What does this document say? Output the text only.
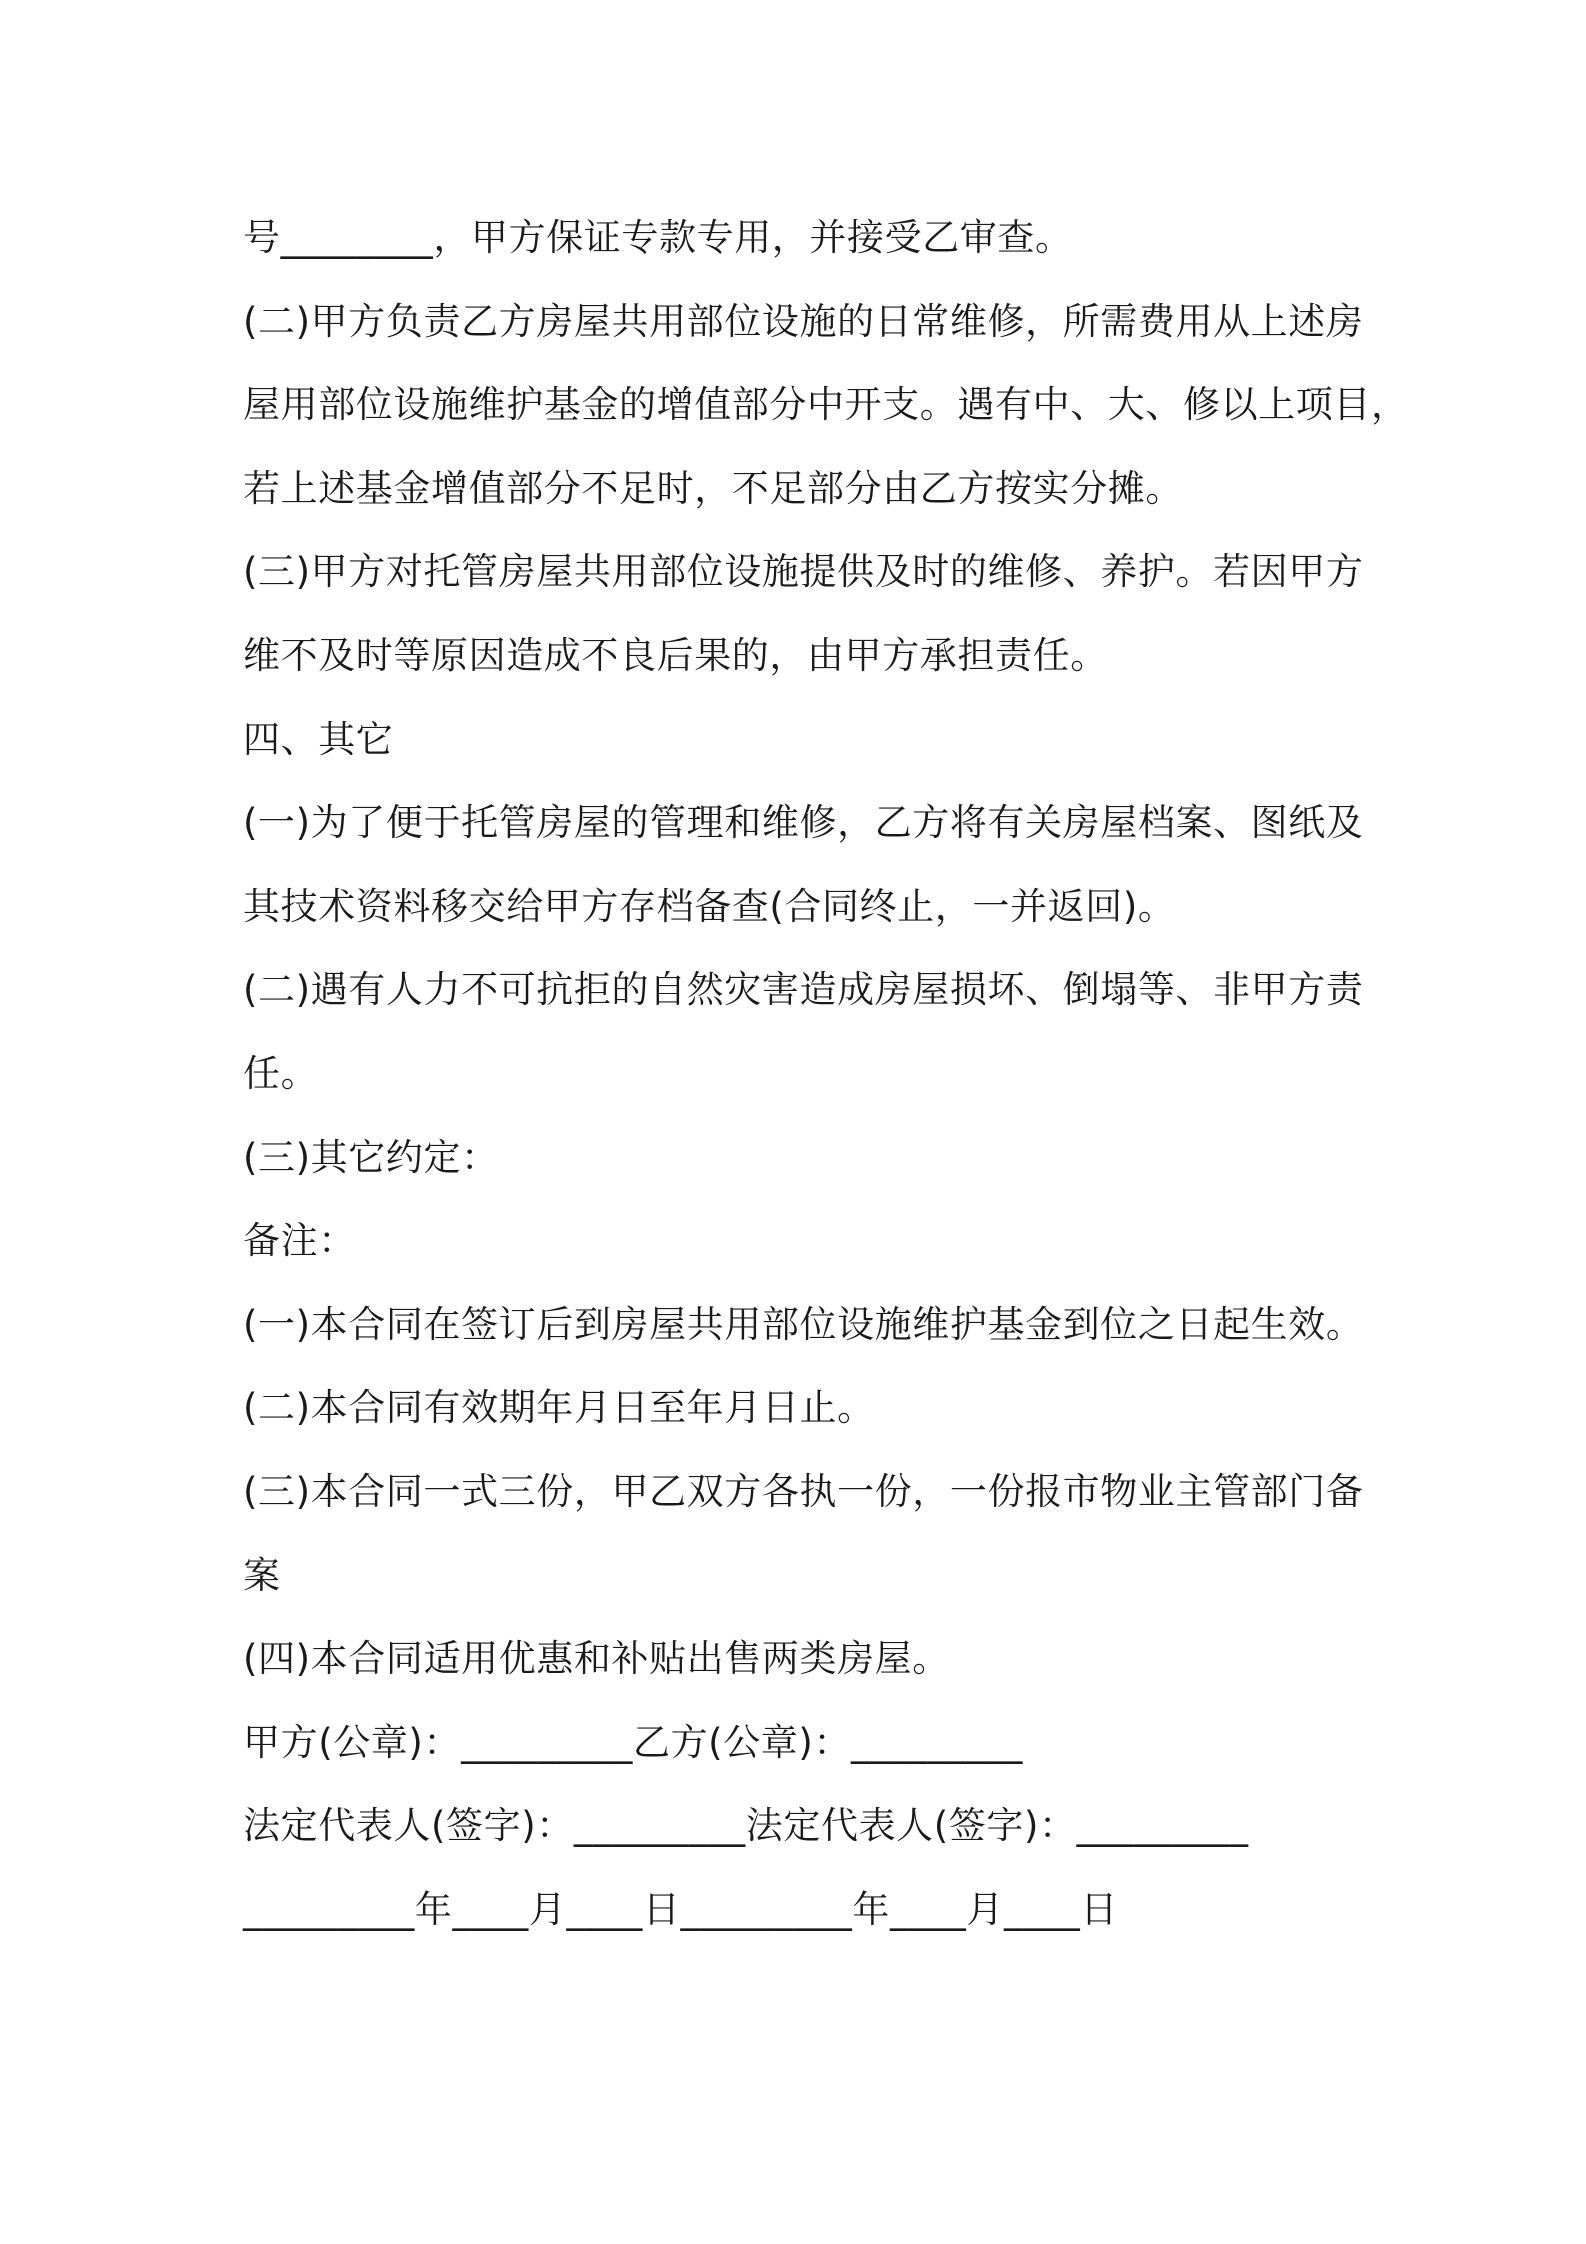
号________，甲方保证专款专用，并接受乙审查。
(二)甲方负责乙方房屋共用部位设施的日常维修，所需费用从上述房
屋用部位设施维护基金的增值部分中开支。遇有中、大、修以上项目，
若上述基金增值部分不足时，不足部分由乙方按实分摊。
(三)甲方对托管房屋共用部位设施提供及时的维修、养护。若因甲方
维不及时等原因造成不良后果的，由甲方承担责任。
四、其它
(一)为了便于托管房屋的管理和维修，乙方将有关房屋档案、图纸及
其技术资料移交给甲方存档备查(合同终止，一并返回)。
(二)遇有人力不可抗拒的自然灾害造成房屋损坏、倒塌等、非甲方责
任。
(三)其它约定：
备注：
(一)本合同在签订后到房屋共用部位设施维护基金到位之日起生效。
(二)本合同有效期年月日至年月日止。
(三)本合同一式三份，甲乙双方各执一份，一份报市物业主管部门备
案
(四)本合同适用优惠和补贴出售两类房屋。
甲方(公章)：_________乙方(公章)：_________
法定代表人(签字)：_________法定代表人(签字)：_________
_________年____月____日_________年____月____日
